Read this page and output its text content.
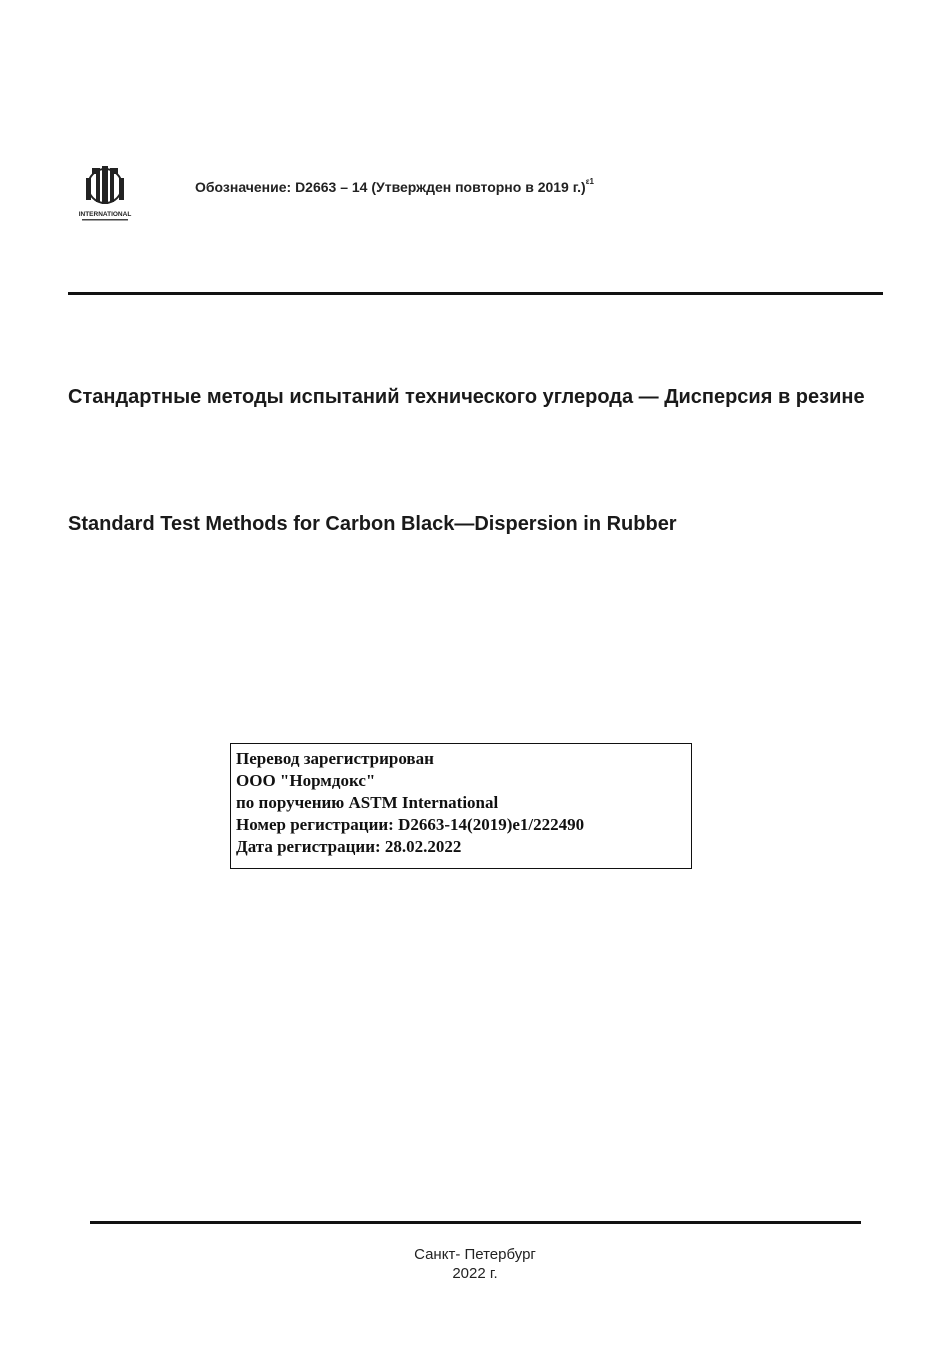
INTERNATIONAL
Обозначение: D2663 – 14 (Утвержден повторно в 2019 г.)$^{\varepsilon 1}$
Стандартные методы испытаний технического углерода — Дисперсия в резине
Standard Test Methods for Carbon Black—Dispersion in Rubber
Перевод зарегистрирован
ООО "Нормдокс"
по поручению ASTM International
Номер регистрации: D2663-14(2019)e1/222490
Дата регистрации: 28.02.2022
Санкт- Петербург
2022 г.
